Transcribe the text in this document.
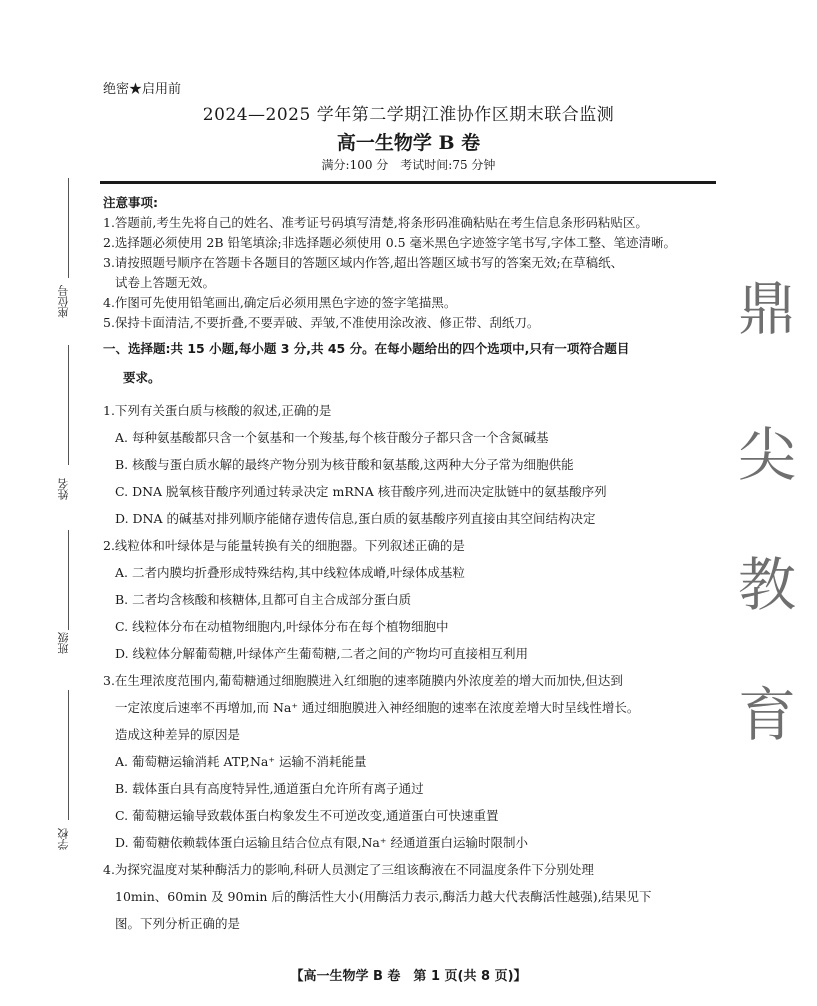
绝密★启用前
2024—2025 学年第二学期江淮协作区期末联合监测
高一生物学 B 卷
满分:100 分　考试时间:75 分钟
座位号
姓名
班级
学校
鼎
尖
教
育
注意事项:
1.答题前,考生先将自己的姓名、准考证号码填写清楚,将条形码准确粘贴在考生信息条形码粘贴区。
2.选择题必须使用 2B 铅笔填涂;非选择题必须使用 0.5 毫米黑色字迹签字笔书写,字体工整、笔迹清晰。
3.请按照题号顺序在答题卡各题目的答题区域内作答,超出答题区域书写的答案无效;在草稿纸、
试卷上答题无效。
4.作图可先使用铅笔画出,确定后必须用黑色字迹的签字笔描黑。
5.保持卡面清洁,不要折叠,不要弄破、弄皱,不准使用涂改液、修正带、刮纸刀。
一、选择题:共 15 小题,每小题 3 分,共 45 分。在每小题给出的四个选项中,只有一项符合题目
要求。
1.下列有关蛋白质与核酸的叙述,正确的是
A. 每种氨基酸都只含一个氨基和一个羧基,每个核苷酸分子都只含一个含氮碱基
B. 核酸与蛋白质水解的最终产物分别为核苷酸和氨基酸,这两种大分子常为细胞供能
C. DNA 脱氧核苷酸序列通过转录决定 mRNA 核苷酸序列,进而决定肽链中的氨基酸序列
D. DNA 的碱基对排列顺序能储存遗传信息,蛋白质的氨基酸序列直接由其空间结构决定
2.线粒体和叶绿体是与能量转换有关的细胞器。下列叙述正确的是
A. 二者内膜均折叠形成特殊结构,其中线粒体成嵴,叶绿体成基粒
B. 二者均含核酸和核糖体,且都可自主合成部分蛋白质
C. 线粒体分布在动植物细胞内,叶绿体分布在每个植物细胞中
D. 线粒体分解葡萄糖,叶绿体产生葡萄糖,二者之间的产物均可直接相互利用
3.在生理浓度范围内,葡萄糖通过细胞膜进入红细胞的速率随膜内外浓度差的增大而加快,但达到
一定浓度后速率不再增加,而 Na⁺ 通过细胞膜进入神经细胞的速率在浓度差增大时呈线性增长。
造成这种差异的原因是
A. 葡萄糖运输消耗 ATP,Na⁺ 运输不消耗能量
B. 载体蛋白具有高度特异性,通道蛋白允许所有离子通过
C. 葡萄糖运输导致载体蛋白构象发生不可逆改变,通道蛋白可快速重置
D. 葡萄糖依赖载体蛋白运输且结合位点有限,Na⁺ 经通道蛋白运输时限制小
4.为探究温度对某种酶活力的影响,科研人员测定了三组该酶液在不同温度条件下分别处理
10min、60min 及 90min 后的酶活性大小(用酶活力表示,酶活力越大代表酶活性越强),结果见下
图。下列分析正确的是
【高一生物学 B 卷　第 1 页(共 8 页)】
